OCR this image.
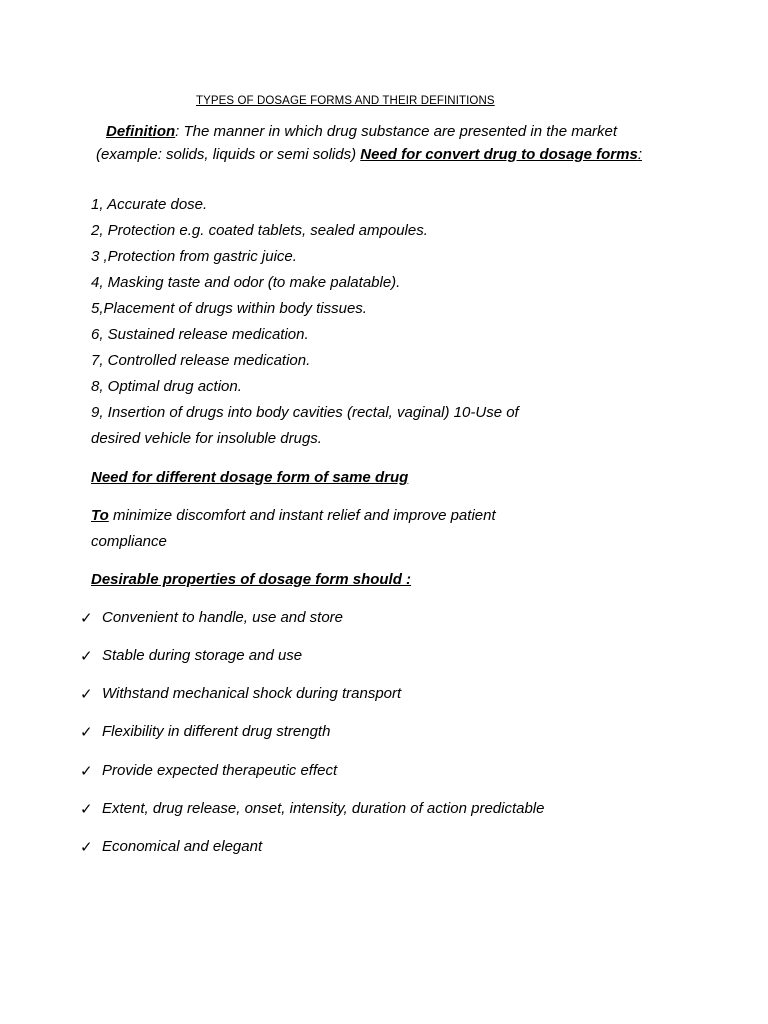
TYPES OF DOSAGE FORMS AND THEIR DEFINITIONS
Definition: The manner in which drug substance are presented in the market
(example: solids, liquids or semi solids) Need for convert drug to dosage forms:
1, Accurate dose.
2, Protection e.g. coated tablets, sealed ampoules.
3 ,Protection from gastric juice.
4, Masking taste and odor (to make palatable).
5,Placement of drugs within body tissues.
6, Sustained release medication.
7, Controlled release medication.
8, Optimal drug action.
9, Insertion of drugs into body cavities (rectal, vaginal) 10-Use of
desired vehicle for insoluble drugs.
Need for different dosage form of same drug
To minimize discomfort and instant relief and improve patient
compliance
Desirable properties of dosage form should :
✓ Convenient to handle, use and store
✓ Stable during storage and use
✓ Withstand mechanical shock during transport
✓ Flexibility in different drug strength
✓ Provide expected therapeutic effect
✓ Extent, drug release, onset, intensity, duration of action predictable
✓ Economical and elegant
